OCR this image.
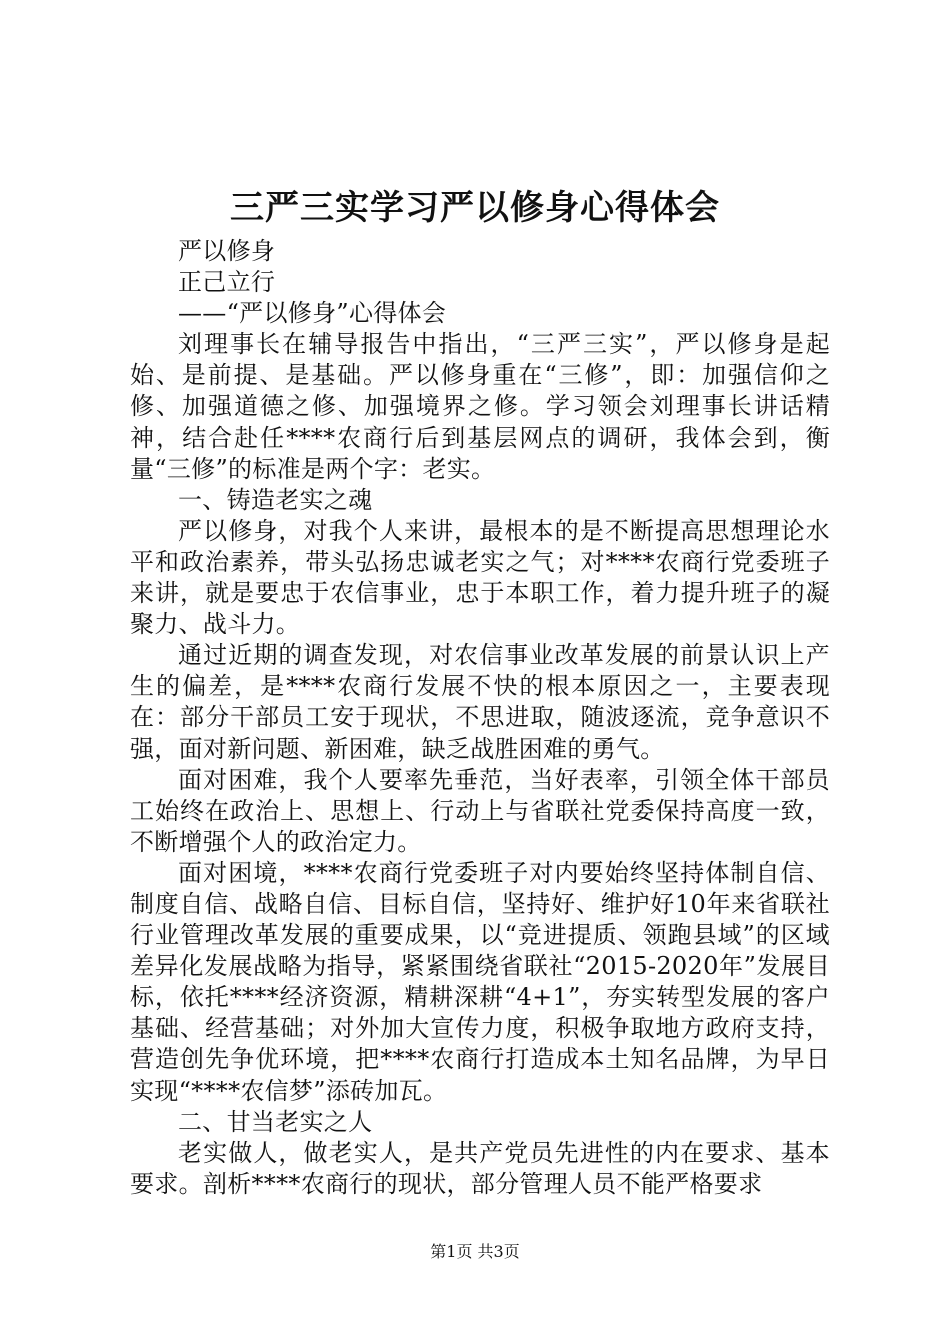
三严三实学习严以修身心得体会

严以修身

正己立行

——“严以修身”心得体会

刘理事长在辅导报告中指出，“三严三实”，严以修身是起始、是前提、是基础。严以修身重在“三修”，即：加强信仰之修、加强道德之修、加强境界之修。学习领会刘理事长讲话精神，结合赴任****农商行后到基层网点的调研，我体会到，衡量“三修”的标准是两个字：老实。

一、铸造老实之魂

严以修身，对我个人来讲，最根本的是不断提高思想理论水平和政治素养，带头弘扬忠诚老实之气；对****农商行党委班子来讲，就是要忠于农信事业，忠于本职工作，着力提升班子的凝聚力、战斗力。

通过近期的调查发现，对农信事业改革发展的前景认识上产生的偏差，是****农商行发展不快的根本原因之一，主要表现在：部分干部员工安于现状，不思进取，随波逐流，竞争意识不强，面对新问题、新困难，缺乏战胜困难的勇气。

面对困难，我个人要率先垂范，当好表率，引领全体干部员工始终在政治上、思想上、行动上与省联社党委保持高度一致，不断增强个人的政治定力。

面对困境，****农商行党委班子对内要始终坚持体制自信、制度自信、战略自信、目标自信，坚持好、维护好10年来省联社行业管理改革发展的重要成果，以“竞进提质、领跑县域”的区域差异化发展战略为指导，紧紧围绕省联社“2015-2020年”发展目标，依托****经济资源，精耕深耕“4+1”，夯实转型发展的客户基础、经营基础；对外加大宣传力度，积极争取地方政府支持，营造创先争优环境，把****农商行打造成本土知名品牌，为早日实现“****农信梦”添砖加瓦。

二、甘当老实之人

老实做人，做老实人，是共产党员先进性的内在要求、基本要求。剖析****农商行的现状，部分管理人员不能严格要求

第1页 共3页
